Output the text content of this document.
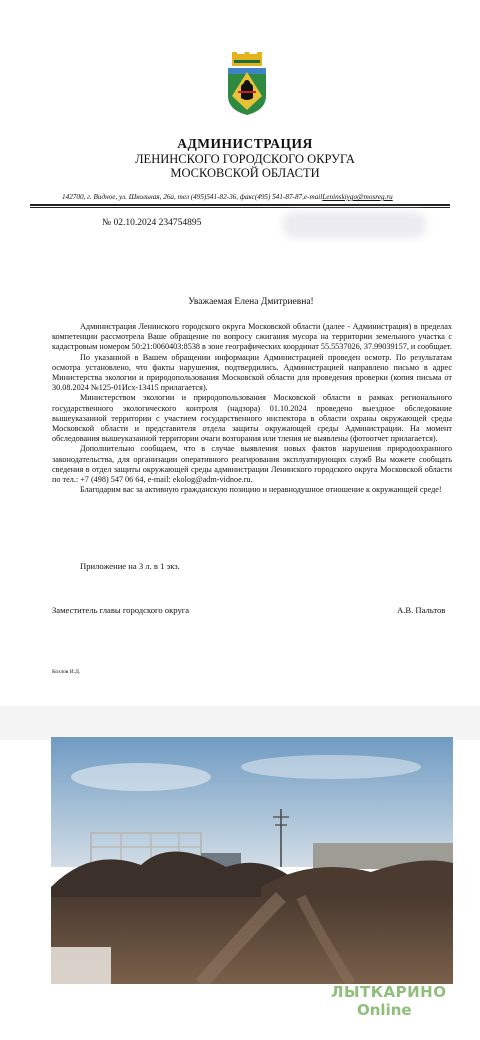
АДМИНИСТРАЦИЯ
ЛЕНИНСКОГО ГОРОДСКОГО ОКРУГА
МОСКОВСКОЙ ОБЛАСТИ
142700, г. Видное, ул. Школьная, 26а, тел (495)541-82-36, факс(495) 541-87-87,e-mailLeninskiygo@mosreg.ru
№ 02.10.2024 234754895
Уважаемая Елена Дмитриевна!

Администрация Ленинского городского округа Московской области (далее - Администрация) в пределах компетенции рассмотрела Ваше обращение по вопросу сжигания мусора на территории земельного участка с кадастровым номером 50:21:0060403:8538 в зоне географических координат 55.5537026, 37.99039157, и сообщает.

По указанной в Вашем обращении информации Администрацией проведен осмотр. По результатам осмотра установлено, что факты нарушения, подтвердились. Администрацией направлено письмо в адрес Министерства экологии и природопользования Московской области для проведения проверки (копия письма от 30.08.2024 №125-01Исх-13415 прилагается).

Министерством экологии и природопользования Московской области в рамках регионального государственного экологического контроля (надзора) 01.10.2024 проведено выездное обследование вышеуказанной территории с участием государственного инспектора в области охраны окружающей среды Московской области и представителя отдела защиты окружающей среды Администрации. На момент обследования вышеуказанной территории очаги возгорания или тления не выявлены (фотоотчет прилагается).

Дополнительно сообщаем, что в случае выявления новых фактов нарушения природоохранного законодательства, для организации оперативного реагирования эксплуатирующих служб Вы можете сообщать сведения в отдел защиты окружающей среды администрации Ленинского городского округа Московской области по тел.: +7 (498) 547 06 64, e-mail: ekolog@adm-vidnoe.ru.

Благодарим вас за активную гражданскую позицию и неравнодушное отношение к окружающей среде!

Приложение на 3 л. в 1 экз.
Заместитель главы городского округа	А.В. Пальтов
Козлов И.Д.
ЛЫТКАРИНО
Online
